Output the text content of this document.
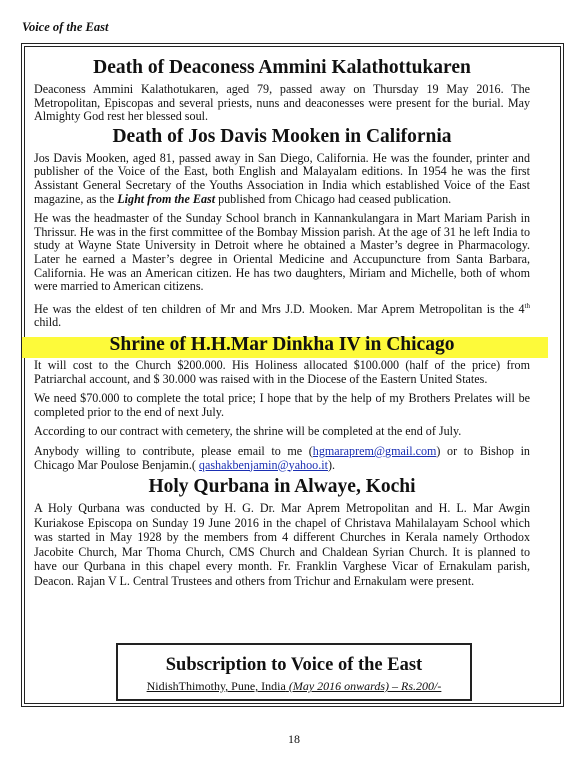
Voice of the East
Death of Deaconess Ammini Kalathottukaren

Deaconess Ammini Kalathotukaren, aged 79, passed away on Thursday 19 May 2016. The Metropolitan, Episcopas and several priests, nuns and deaconesses were present for the burial. May Almighty God rest her blessed soul.

Death of Jos Davis Mooken in California

Jos Davis Mooken, aged 81, passed away in San Diego, California. He was the founder, printer and publisher of the Voice of the East, both English and Malayalam editions. In 1954 he was the first Assistant General Secretary of the Youths Association in India which established Voice of the East magazine, as the Light from the East published from Chicago had ceased publication.

He was the headmaster of the Sunday School branch in Kannankulangara in Mart Mariam Parish in Thrissur. He was in the first committee of the Bombay Mission parish. At the age of 31 he left India to study at Wayne State University in Detroit where he obtained a Master’s degree in Pharmacology. Later he earned a Master’s degree in Oriental Medicine and Accupuncture from Santa Barbara, California. He was an American citizen. He has two daughters, Miriam and Michelle, both of whom were married to American citizens.

He was the eldest of ten children of Mr and Mrs J.D. Mooken. Mar Aprem Metropolitan is the 4th child.

Shrine of H.H.Mar Dinkha IV in Chicago

It will cost to the Church $200.000. His Holiness allocated $100.000 (half of the price) from Patriarchal account, and $ 30.000 was raised with in the Diocese of the Eastern United States.

We need $70.000 to complete the total price; I hope that by the help of my Brothers Prelates will be completed prior to the end of next July.

According to our contract with cemetery, the shrine will be completed at the end of July.

Anybody willing to contribute, please email to me (hgmaraprem@gmail.com) or to Bishop in Chicago Mar Poulose Benjamin.( qashakbenjamin@yahoo.it).

Holy Qurbana in Alwaye, Kochi

A Holy Qurbana was conducted by H. G. Dr. Mar Aprem Metropolitan and H. L. Mar Awgin Kuriakose Episcopa on Sunday 19 June 2016 in the chapel of Christava Mahilalayam School which was started in May 1928 by the members from 4 different Churches in Kerala namely Orthodox Jacobite Church, Mar Thoma Church, CMS Church and Chaldean Syrian Church. It is planned to have our Qurbana in this chapel every month. Fr. Franklin Varghese Vicar of Ernakulam parish, Deacon. Rajan V L. Central Trustees and others from Trichur and Ernakulam were present.

Subscription to Voice of the East
NidishThimothy, Pune, India (May 2016 onwards) – Rs.200/-
18
